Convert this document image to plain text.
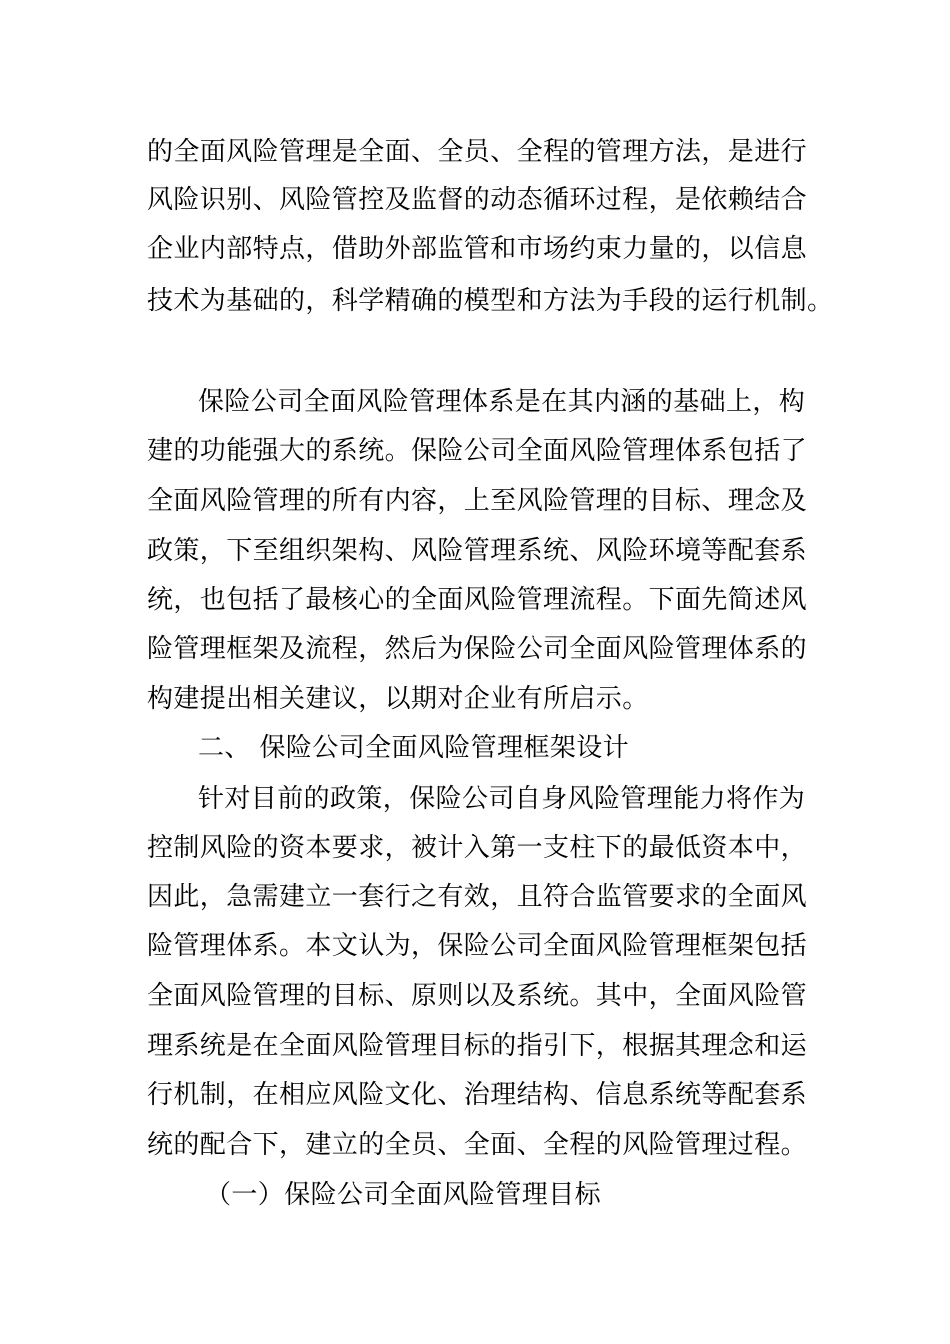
的全面风险管理是全面、全员、全程的管理方法，是进行
风险识别、风险管控及监督的动态循环过程，是依赖结合
企业内部特点，借助外部监管和市场约束力量的，以信息
技术为基础的，科学精确的模型和方法为手段的运行机制。
保险公司全面风险管理体系是在其内涵的基础上，构
建的功能强大的系统。保险公司全面风险管理体系包括了
全面风险管理的所有内容，上至风险管理的目标、理念及
政策，下至组织架构、风险管理系统、风险环境等配套系
统，也包括了最核心的全面风险管理流程。下面先简述风
险管理框架及流程，然后为保险公司全面风险管理体系的
构建提出相关建议，以期对企业有所启示。
二、 保险公司全面风险管理框架设计
针对目前的政策，保险公司自身风险管理能力将作为
控制风险的资本要求，被计入第一支柱下的最低资本中，
因此，急需建立一套行之有效，且符合监管要求的全面风
险管理体系。本文认为，保险公司全面风险管理框架包括
全面风险管理的目标、原则以及系统。其中，全面风险管
理系统是在全面风险管理目标的指引下，根据其理念和运
行机制，在相应风险文化、治理结构、信息系统等配套系
统的配合下，建立的全员、全面、全程的风险管理过程。
（一）保险公司全面风险管理目标
